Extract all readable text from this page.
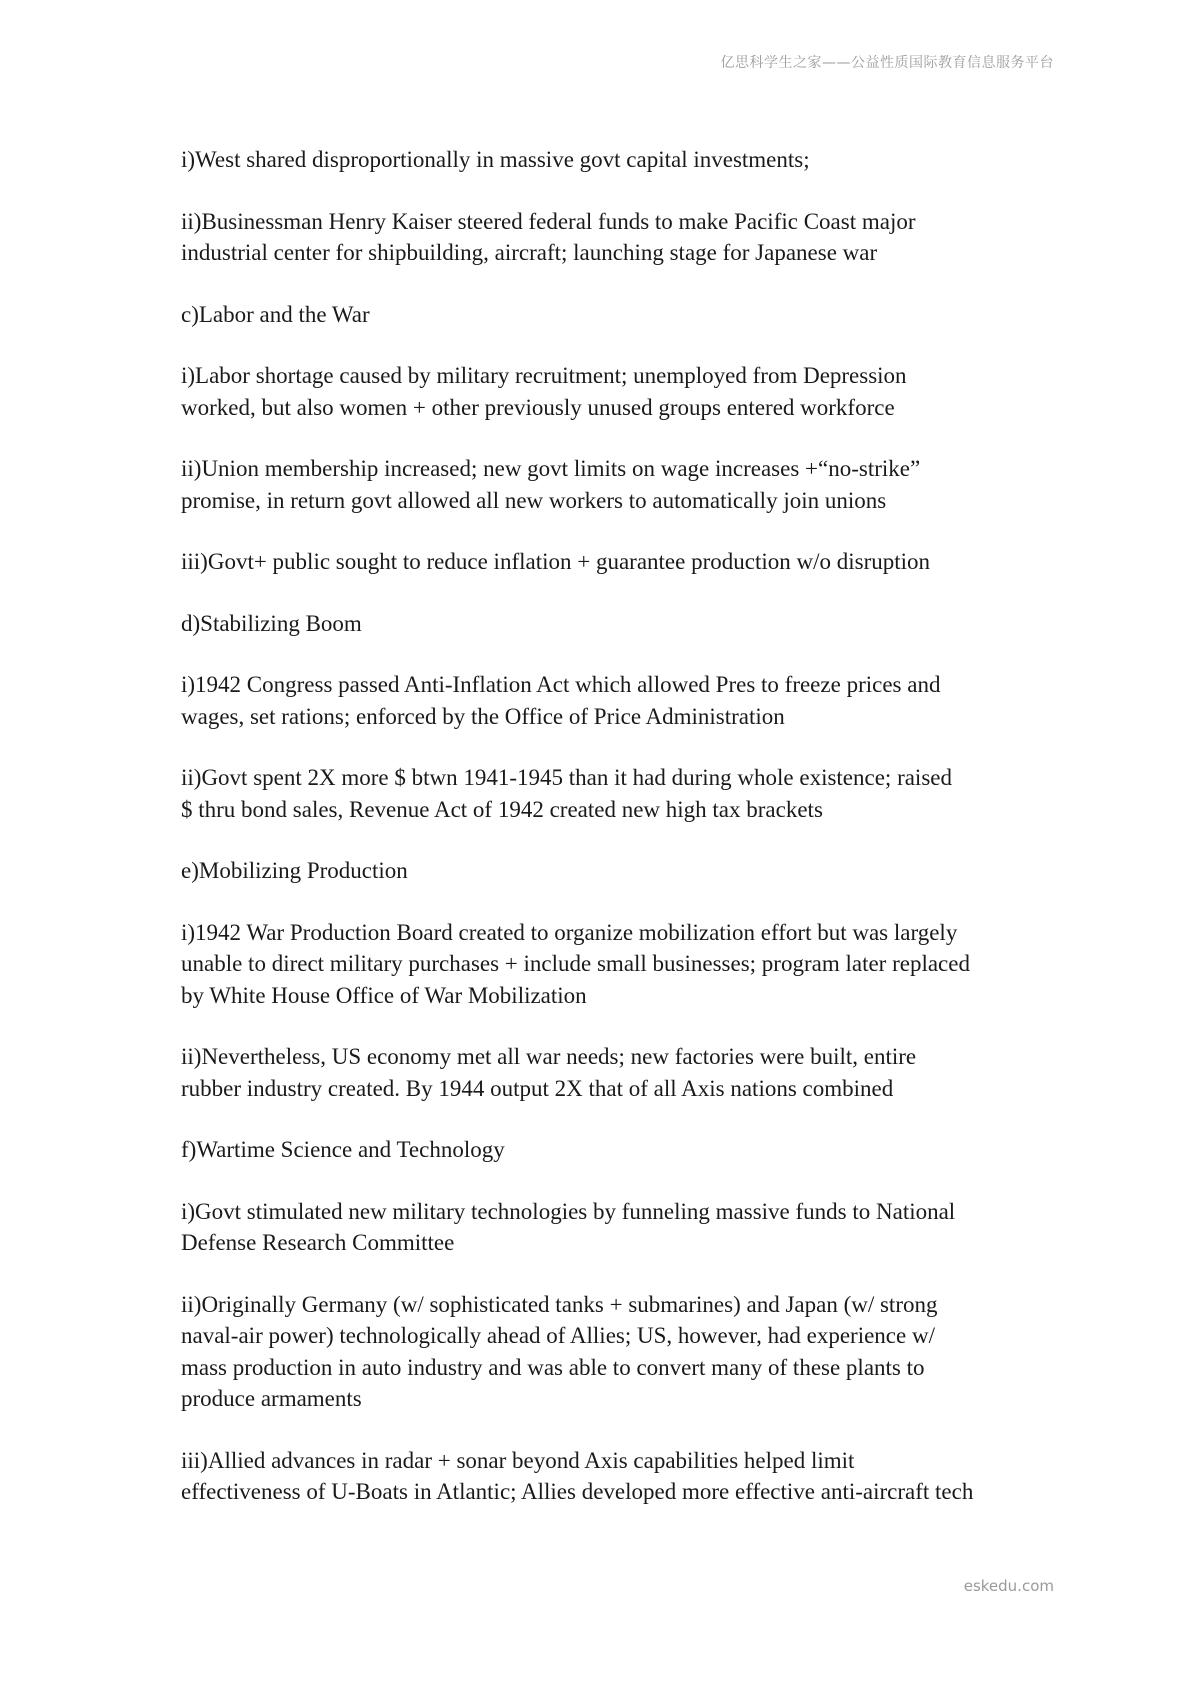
亿思科学生之家——公益性质国际教育信息服务平台

i)West shared disproportionally in massive govt capital investments;

ii)Businessman Henry Kaiser steered federal funds to make Pacific Coast major
industrial center for shipbuilding, aircraft; launching stage for Japanese war

c)Labor and the War

i)Labor shortage caused by military recruitment; unemployed from Depression
worked, but also women + other previously unused groups entered workforce

ii)Union membership increased; new govt limits on wage increases +“no-strike”
promise, in return govt allowed all new workers to automatically join unions

iii)Govt+ public sought to reduce inflation + guarantee production w/o disruption

d)Stabilizing Boom

i)1942 Congress passed Anti-Inflation Act which allowed Pres to freeze prices and
wages, set rations; enforced by the Office of Price Administration

ii)Govt spent 2X more $ btwn 1941-1945 than it had during whole existence; raised
$ thru bond sales, Revenue Act of 1942 created new high tax brackets

e)Mobilizing Production

i)1942 War Production Board created to organize mobilization effort but was largely
unable to direct military purchases + include small businesses; program later replaced
by White House Office of War Mobilization

ii)Nevertheless, US economy met all war needs; new factories were built, entire
rubber industry created. By 1944 output 2X that of all Axis nations combined

f)Wartime Science and Technology

i)Govt stimulated new military technologies by funneling massive funds to National
Defense Research Committee

ii)Originally Germany (w/ sophisticated tanks + submarines) and Japan (w/ strong
naval-air power) technologically ahead of Allies; US, however, had experience w/
mass production in auto industry and was able to convert many of these plants to
produce armaments

iii)Allied advances in radar + sonar beyond Axis capabilities helped limit
effectiveness of U-Boats in Atlantic; Allies developed more effective anti-aircraft tech

eskedu.com
